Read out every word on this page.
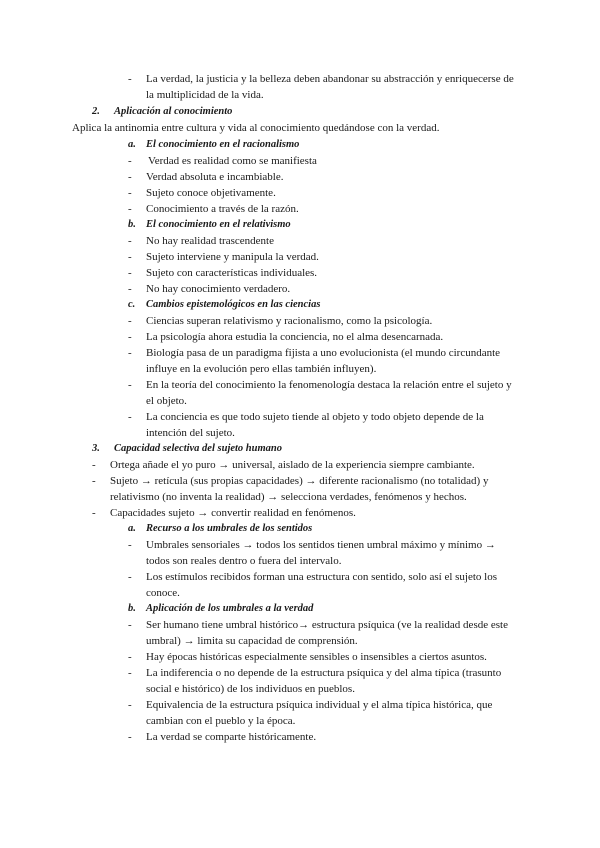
- La verdad, la justicia y la belleza deben abandonar su abstracción y enriquecerse de
la multiplicidad de la vida.
2. Aplicación al conocimiento
Aplica la antinomia entre cultura y vida al conocimiento quedándose con la verdad.
a. El conocimiento en el racionalismo
- Verdad es realidad como se manifiesta
- Verdad absoluta e incambiable.
- Sujeto conoce objetivamente.
- Conocimiento a través de la razón.
b. El conocimiento en el relativismo
- No hay realidad trascendente
- Sujeto interviene y manipula la verdad.
- Sujeto con características individuales.
- No hay conocimiento verdadero.
c. Cambios epistemológicos en las ciencias
- Ciencias superan relativismo y racionalismo, como la psicología.
- La psicología ahora estudia la conciencia, no el alma desencarnada.
- Biología pasa de un paradigma fijista a uno evolucionista (el mundo circundante
influye en la evolución pero ellas también influyen).
- En la teoría del conocimiento la fenomenología destaca la relación entre el sujeto y
el objeto.
- La conciencia es que todo sujeto tiende al objeto y todo objeto depende de la
intención del sujeto.
3. Capacidad selectiva del sujeto humano
- Ortega añade el yo puro → universal, aislado de la experiencia siempre cambiante.
- Sujeto → retícula (sus propias capacidades) → diferente racionalismo (no totalidad) y
relativismo (no inventa la realidad) → selecciona verdades, fenómenos y hechos.
- Capacidades sujeto → convertir realidad en fenómenos.
a. Recurso a los umbrales de los sentidos
- Umbrales sensoriales → todos los sentidos tienen umbral máximo y mínimo →
todos son reales dentro o fuera del intervalo.
- Los estímulos recibidos forman una estructura con sentido, solo así el sujeto los
conoce.
b. Aplicación de los umbrales a la verdad
- Ser humano tiene umbral histórico→ estructura psíquica (ve la realidad desde este
umbral) → limita su capacidad de comprensión.
- Hay épocas históricas especialmente sensibles o insensibles a ciertos asuntos.
- La indiferencia o no depende de la estructura psíquica y del alma típica (trasunto
social e histórico) de los individuos en pueblos.
- Equivalencia de la estructura psíquica individual y el alma típica histórica, que
cambian con el pueblo y la época.
- La verdad se comparte históricamente.
